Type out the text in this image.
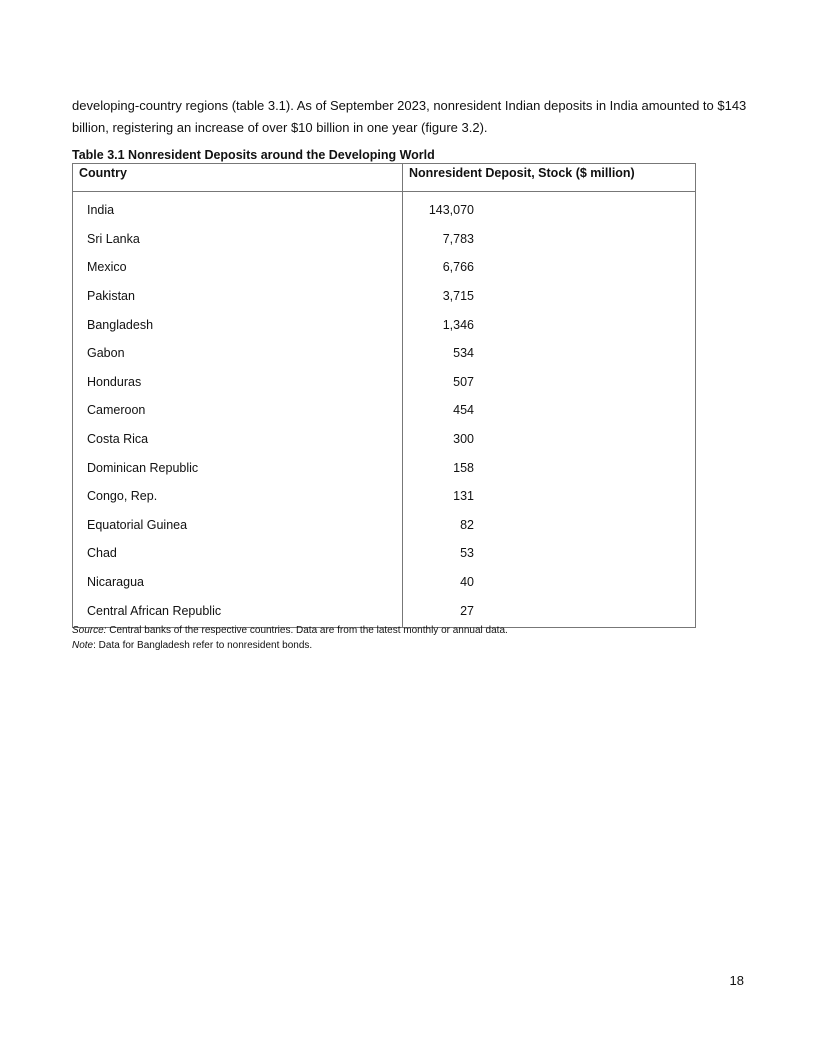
developing-country regions (table 3.1). As of September 2023, nonresident Indian deposits in India amounted to $143 billion, registering an increase of over $10 billion in one year (figure 3.2).

Table 3.1 Nonresident Deposits around the Developing World
Country	Nonresident Deposit, Stock ($ million)
India	143,070
Sri Lanka	7,783
Mexico	6,766
Pakistan	3,715
Bangladesh	1,346
Gabon	534
Honduras	507
Cameroon	454
Costa Rica	300
Dominican Republic	158
Congo, Rep.	131
Equatorial Guinea	82
Chad	53
Nicaragua	40
Central African Republic	27
Source: Central banks of the respective countries. Data are from the latest monthly or annual data.
Note: Data for Bangladesh refer to nonresident bonds.
18
